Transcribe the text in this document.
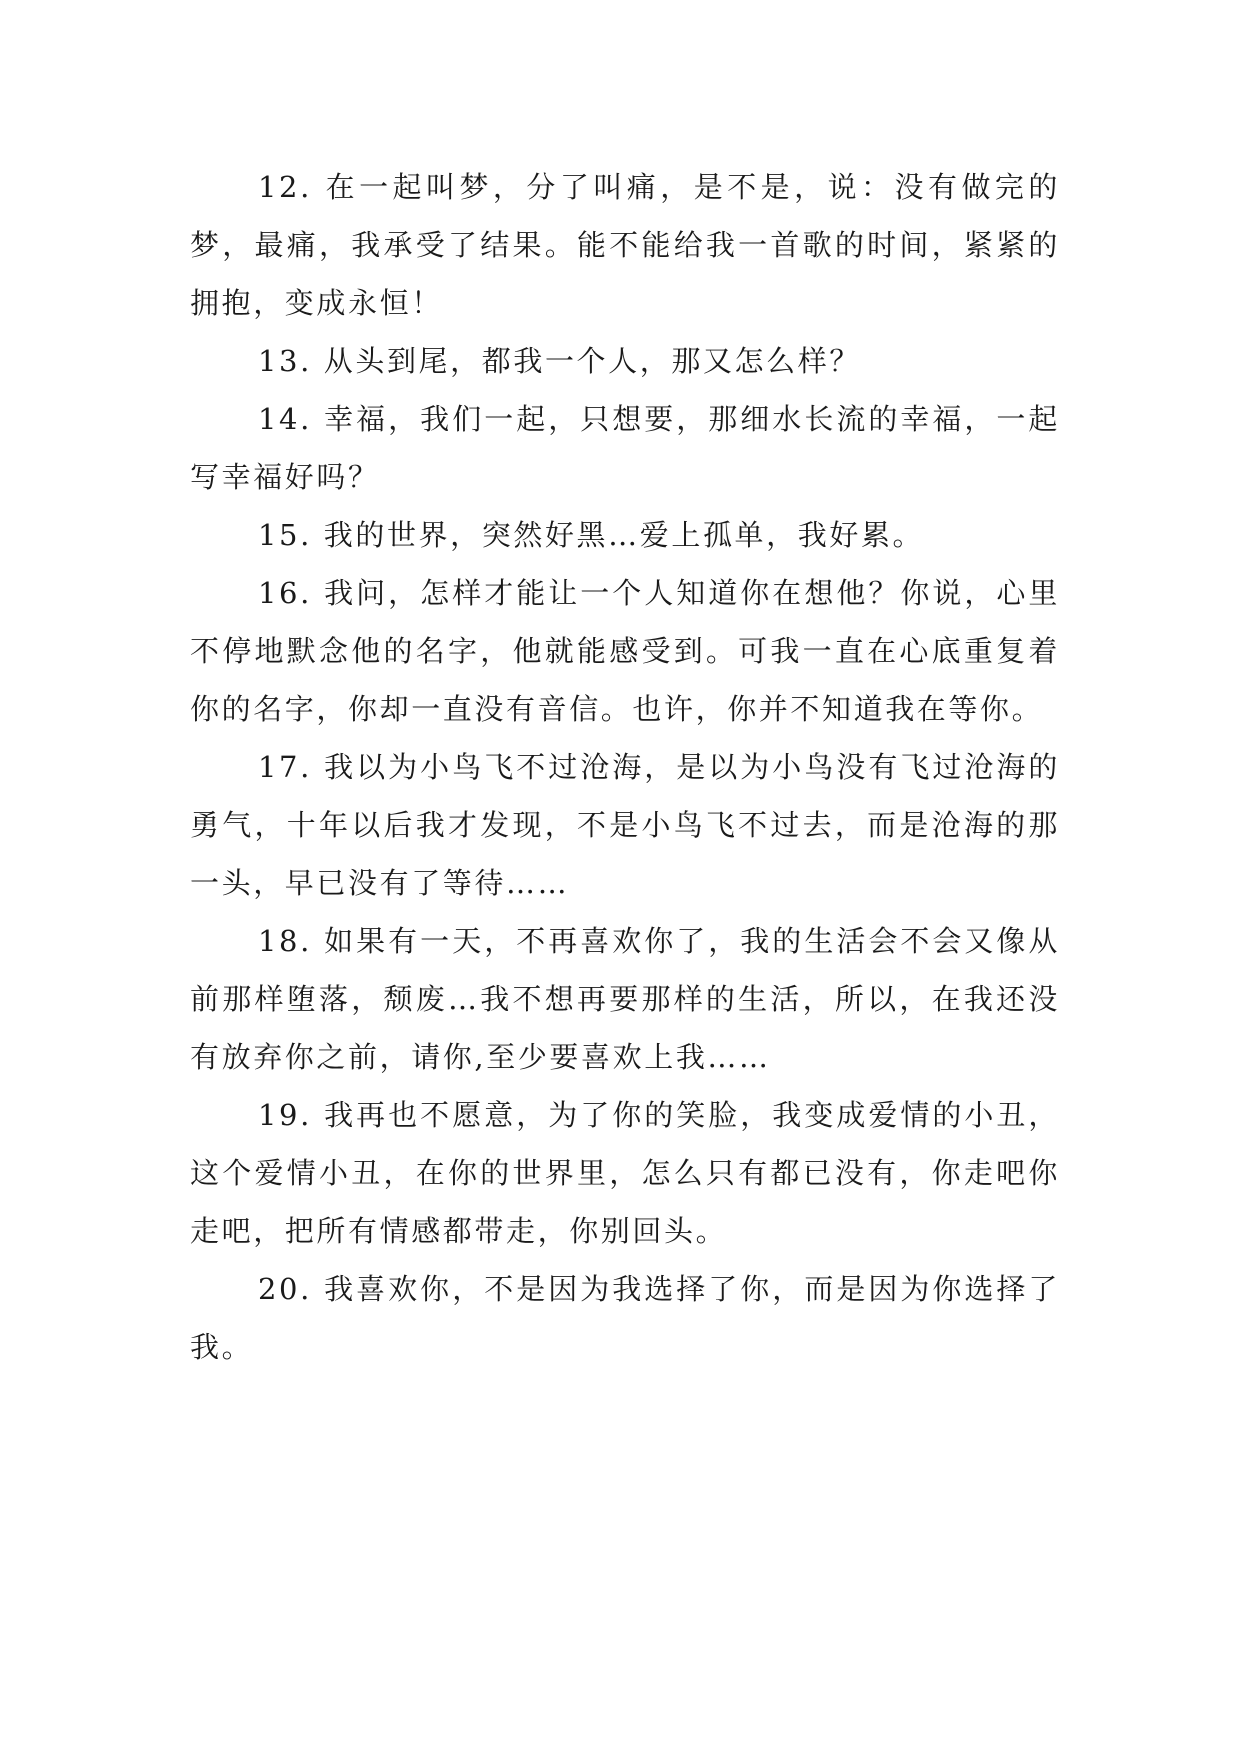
12. 在一起叫梦，分了叫痛，是不是，说：没有做完的梦，最痛，我承受了结果。能不能给我一首歌的时间，紧紧的拥抱，变成永恒！

13. 从头到尾，都我一个人，那又怎么样？

14. 幸福，我们一起，只想要，那细水长流的幸福，一起写幸福好吗？

15. 我的世界，突然好黑…爱上孤单，我好累。

16. 我问，怎样才能让一个人知道你在想他？你说，心里不停地默念他的名字，他就能感受到。可我一直在心底重复着你的名字，你却一直没有音信。也许，你并不知道我在等你。

17. 我以为小鸟飞不过沧海，是以为小鸟没有飞过沧海的勇气，十年以后我才发现，不是小鸟飞不过去，而是沧海的那一头，早已没有了等待……

18. 如果有一天，不再喜欢你了，我的生活会不会又像从前那样堕落，颓废…我不想再要那样的生活，所以，在我还没有放弃你之前，请你,至少要喜欢上我……

19. 我再也不愿意，为了你的笑脸，我变成爱情的小丑，这个爱情小丑，在你的世界里，怎么只有都已没有，你走吧你走吧，把所有情感都带走，你别回头。

20. 我喜欢你，不是因为我选择了你，而是因为你选择了我。
